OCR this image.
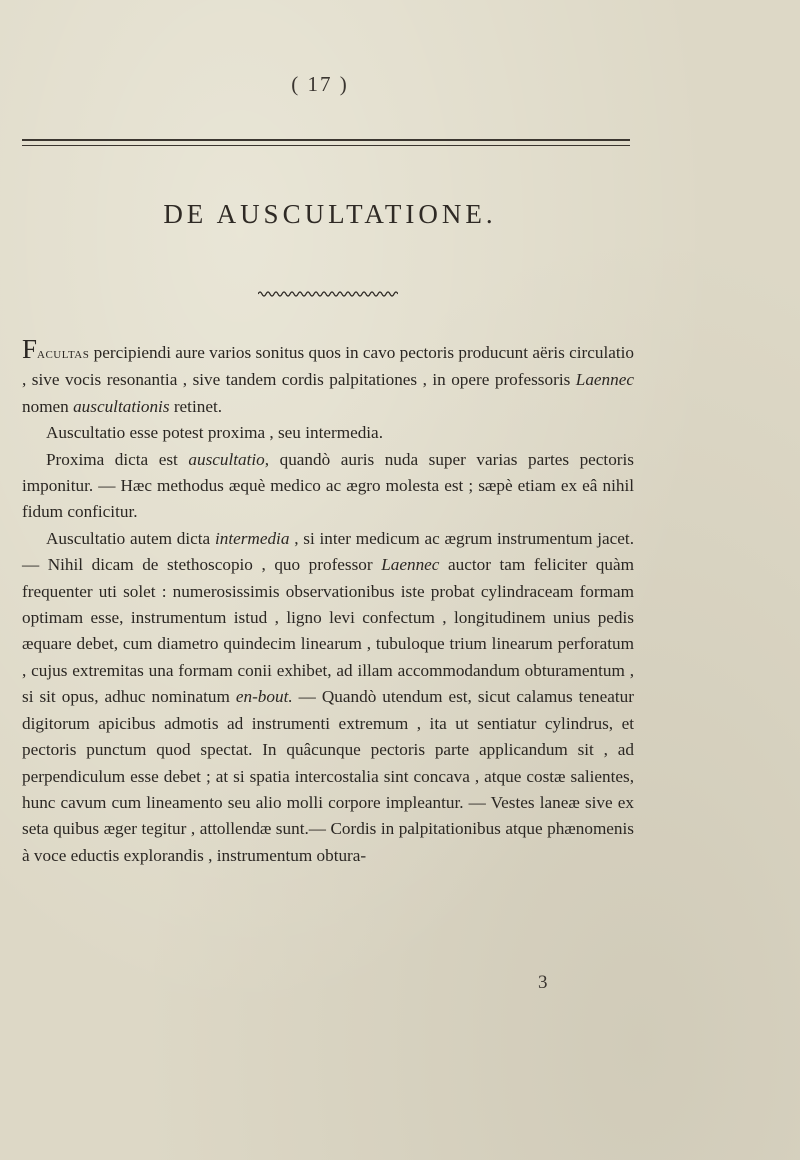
( 17 )
DE AUSCULTATIONE.

Facultas percipiendi aure varios sonitus quos in cavo pectoris producunt aëris circulatio , sive vocis resonantia , sive tandem cordis palpitationes , in opere professoris Laennec nomen auscultationis retinet.

Auscultatio esse potest proxima , seu intermedia.

Proxima dicta est auscultatio, quandò auris nuda super varias partes pectoris imponitur. — Hæc methodus æquè medico ac ægro molesta est ; sæpè etiam ex eâ nihil fidum conficitur.

Auscultatio autem dicta intermedia , si inter medicum ac ægrum instrumentum jacet. — Nihil dicam de stethoscopio , quo professor Laennec auctor tam feliciter quàm frequenter uti solet : numerosissimis observationibus iste probat cylindraceam formam optimam esse, instrumentum istud , ligno levi confectum , longitudinem unius pedis æquare debet, cum diametro quindecim linearum , tubuloque trium linearum perforatum , cujus extremitas una formam conii exhibet, ad illam accommodandum obturamentum , si sit opus, adhuc nominatum en-bout. — Quandò utendum est, sicut calamus teneatur digitorum apicibus admotis ad instrumenti extremum , ita ut sentiatur cylindrus, et pectoris punctum quod spectat. In quâcunque pectoris parte applicandum sit , ad perpendiculum esse debet ; at si spatia intercostalia sint concava , atque costæ salientes, hunc cavum cum lineamento seu alio molli corpore impleantur. — Vestes laneæ sive ex seta quibus æger tegitur , attollendæ sunt.— Cordis in palpitationibus atque phænomenis à voce eductis explorandis , instrumentum obtura-

3
